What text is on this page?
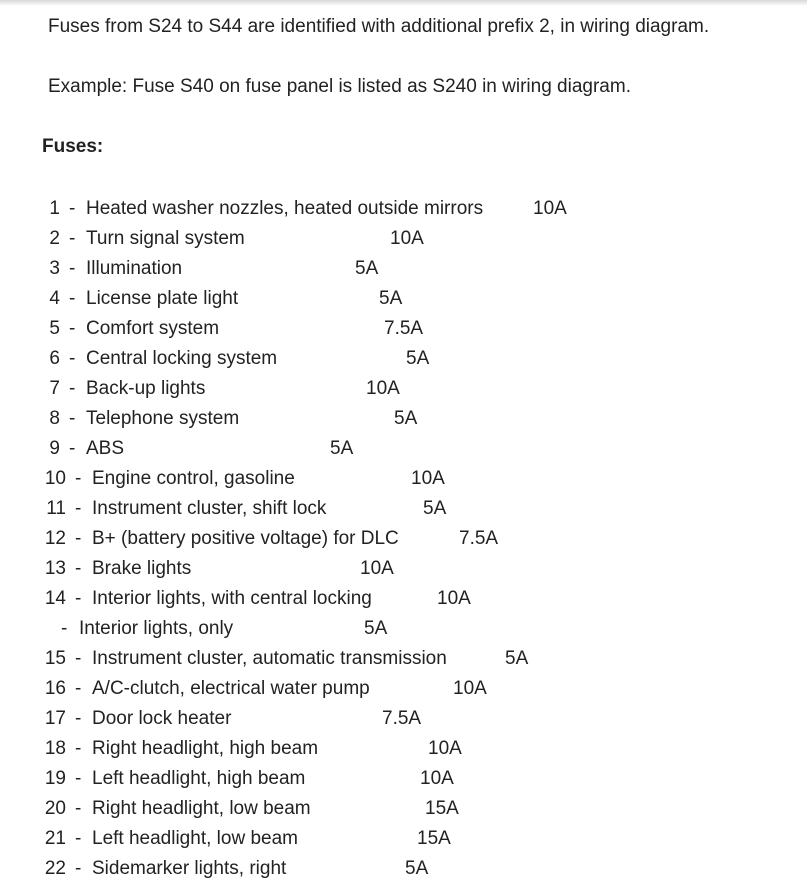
Fuses from S24 to S44 are identified with additional prefix 2, in wiring diagram.

Example: Fuse S40 on fuse panel is listed as S240 in wiring diagram.

Fuses:

1 - Heated washer nozzles, heated outside mirrors	10A
2 - Turn signal system	10A
3 - Illumination	5A
4 - License plate light	5A
5 - Comfort system	7.5A
6 - Central locking system	5A
7 - Back-up lights	10A
8 - Telephone system	5A
9 - ABS	5A
10 - Engine control, gasoline	10A
11 - Instrument cluster, shift lock	5A
12 - B+ (battery positive voltage) for DLC	7.5A
13 - Brake lights	10A
14 - Interior lights, with central locking	10A
- Interior lights, only	5A
15 - Instrument cluster, automatic transmission	5A
16 - A/C-clutch, electrical water pump	10A
17 - Door lock heater	7.5A
18 - Right headlight, high beam	10A
19 - Left headlight, high beam	10A
20 - Right headlight, low beam	15A
21 - Left headlight, low beam	15A
22 - Sidemarker lights, right	5A
